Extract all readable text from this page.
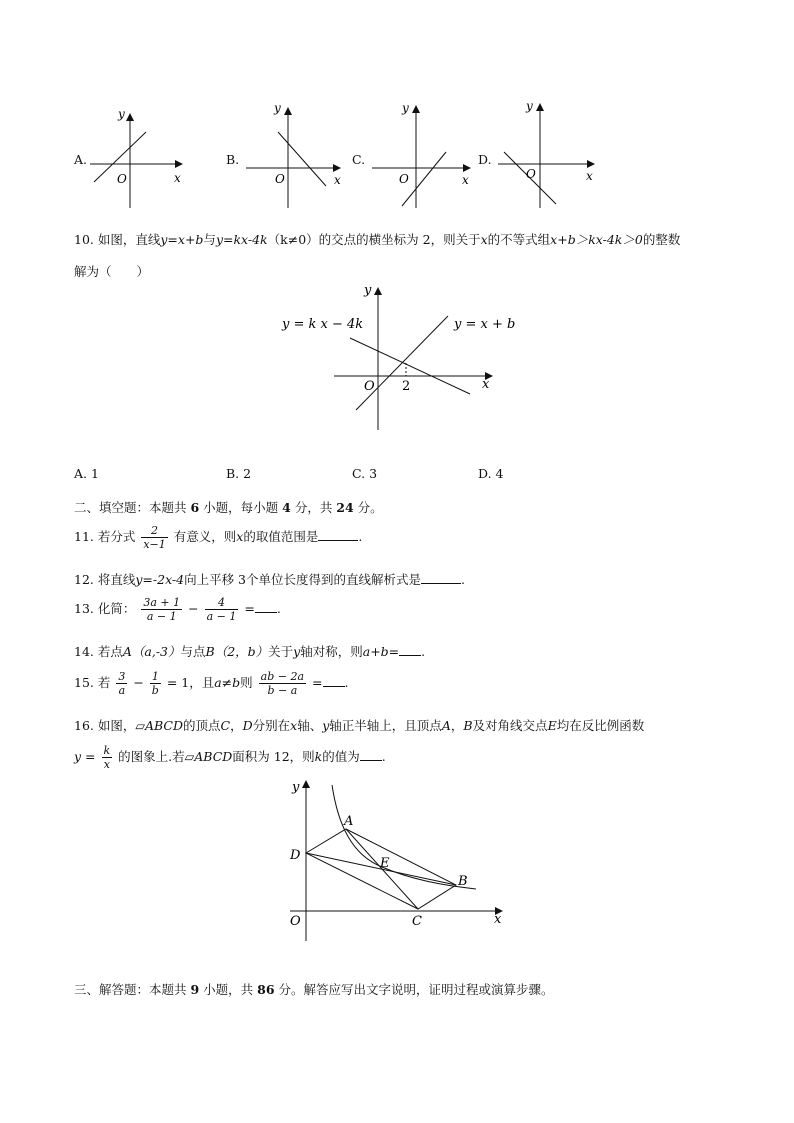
y
x
O
y
x
O
y
x
O
y
x
O
A.	B.	C.	D.
10. 如图，直线y=x+b与y=kx-4k（k≠0）的交点的横坐标为 2，则关于x的不等式组x+b＞kx-4k＞0的整数
解为（　　）
y
x
O 2
y = k x − 4k	y = x + b
A. 1	B. 2	C. 3	D. 4
二、填空题：本题共 6 小题，每小题 4 分，共 24 分。
11. 若分式 $\frac{2}{x-1}$ 有意义，则x的取值范围是	.
12. 将直线y=-2x-4向上平移 3个单位长度得到的直线解析式是	.
13. 化简： $\frac{3a + 1}{a - 1} - \frac{4}{a - 1}$ = .
14. 若点A（a,-3）与点B（2，b）关于y轴对称，则a+b= .
15. 若 $\frac{3}{a} - \frac{1}{b} = 1$，且a≠b则 $\frac{ab - 2a}{b - a}$ = .
16. 如图，▱ABCD的顶点C，D分别在x轴、y轴正半轴上，且顶点A，B及对角线交点E均在反比例函数
$y = \frac{k}{x}$ 的图象上.若▱ABCD面积为 12，则k的值为 .
y
x
O
A
B
C
D
E
三、解答题：本题共 9 小题，共 86 分。解答应写出文字说明，证明过程或演算步骤。
